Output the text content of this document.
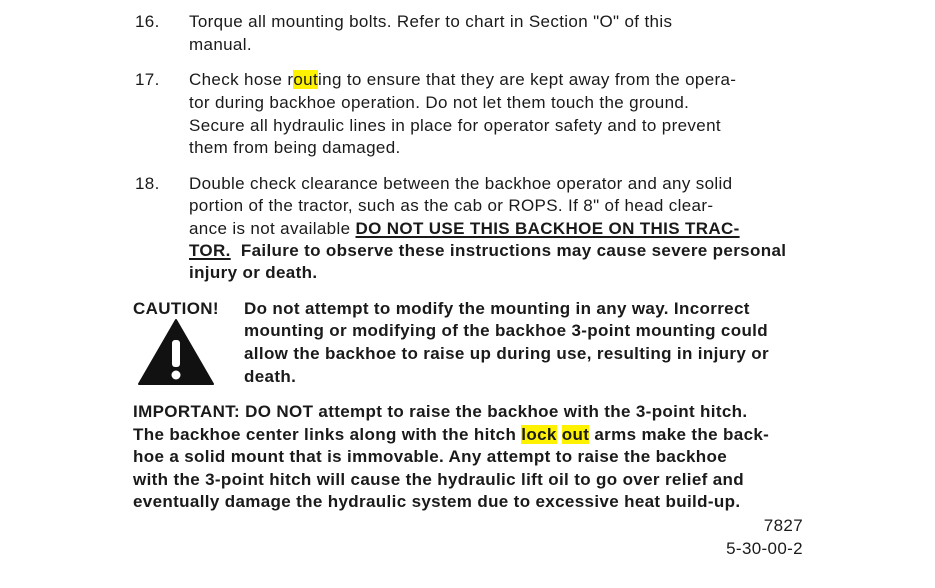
16. Torque all mounting bolts. Refer to chart in Section "O" of this
manual.
17. Check hose routing to ensure that they are kept away from the opera-
tor during backhoe operation. Do not let them touch the ground.
Secure all hydraulic lines in place for operator safety and to prevent
them from being damaged.
18. Double check clearance between the backhoe operator and any solid
portion of the tractor, such as the cab or ROPS. If 8" of head clear-
ance is not available DO NOT USE THIS BACKHOE ON THIS TRAC-
TOR.  Failure to observe these instructions may cause severe personal
injury or death.
CAUTION! Do not attempt to modify the mounting in any way. Incorrect
mounting or modifying of the backhoe 3-point mounting could
allow the backhoe to raise up during use, resulting in injury or
death.
IMPORTANT: DO NOT attempt to raise the backhoe with the 3-point hitch.
The backhoe center links along with the hitch lock out arms make the back-
hoe a solid mount that is immovable. Any attempt to raise the backhoe
with the 3-point hitch will cause the hydraulic lift oil to go over relief and
eventually damage the hydraulic system due to excessive heat build-up.
7827
5-30-00-2
